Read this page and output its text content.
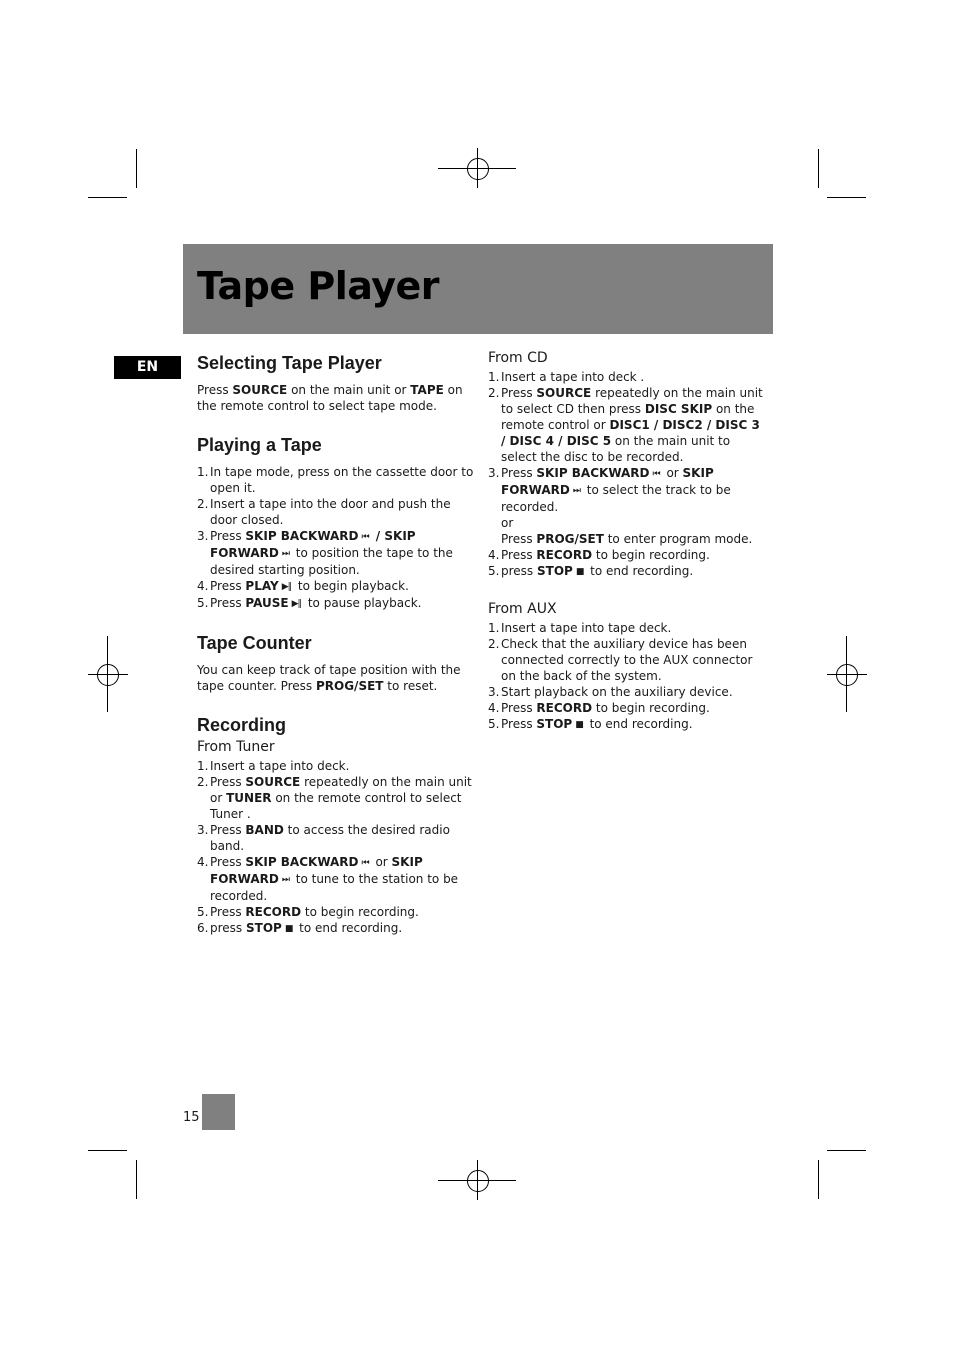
Tape Player
EN	Selecting Tape Player

Press SOURCE on the main unit or TAPE on the remote control to select tape mode.

Playing a Tape
1. In tape mode, press on the cassette door to open it.
2. Insert a tape into the door and push the door closed.
3. Press SKIP BACKWARD ⏮ / SKIP FORWARD ⏭ to position the tape to the desired starting position.
4. Press PLAY ▶‖ to begin playback.
5. Press PAUSE ▶‖ to pause playback.
Tape Counter

You can keep track of tape position with the tape counter. Press PROG/SET to reset.

Recording
From Tuner
1. Insert a tape into deck.
2. Press SOURCE repeatedly on the main unit or TUNER on the remote control to select Tuner .
3. Press BAND to access the desired radio band.
4. Press SKIP BACKWARD ⏮ or SKIP FORWARD ⏭ to tune to the station to be recorded.
5. Press RECORD to begin recording.
6. press STOP ■ to end recording.
From CD
1. Insert a tape into deck .
2. Press SOURCE repeatedly on the main unit to select CD then press DISC SKIP on the remote control or DISC1 / DISC2 / DISC 3 / DISC 4 / DISC 5 on the main unit to select the disc to be recorded.
3. Press SKIP BACKWARD ⏮ or SKIP FORWARD ⏭ to select the track to be recorded.
or
Press PROG/SET to enter program mode.
4. Press RECORD to begin recording.
5. press STOP ■ to end recording.
From AUX
1. Insert a tape into tape deck.
2. Check that the auxiliary device has been connected correctly to the AUX connector on the back of the system.
3. Start playback on the auxiliary device.
4. Press RECORD to begin recording.
5. Press STOP ■ to end recording.
15
